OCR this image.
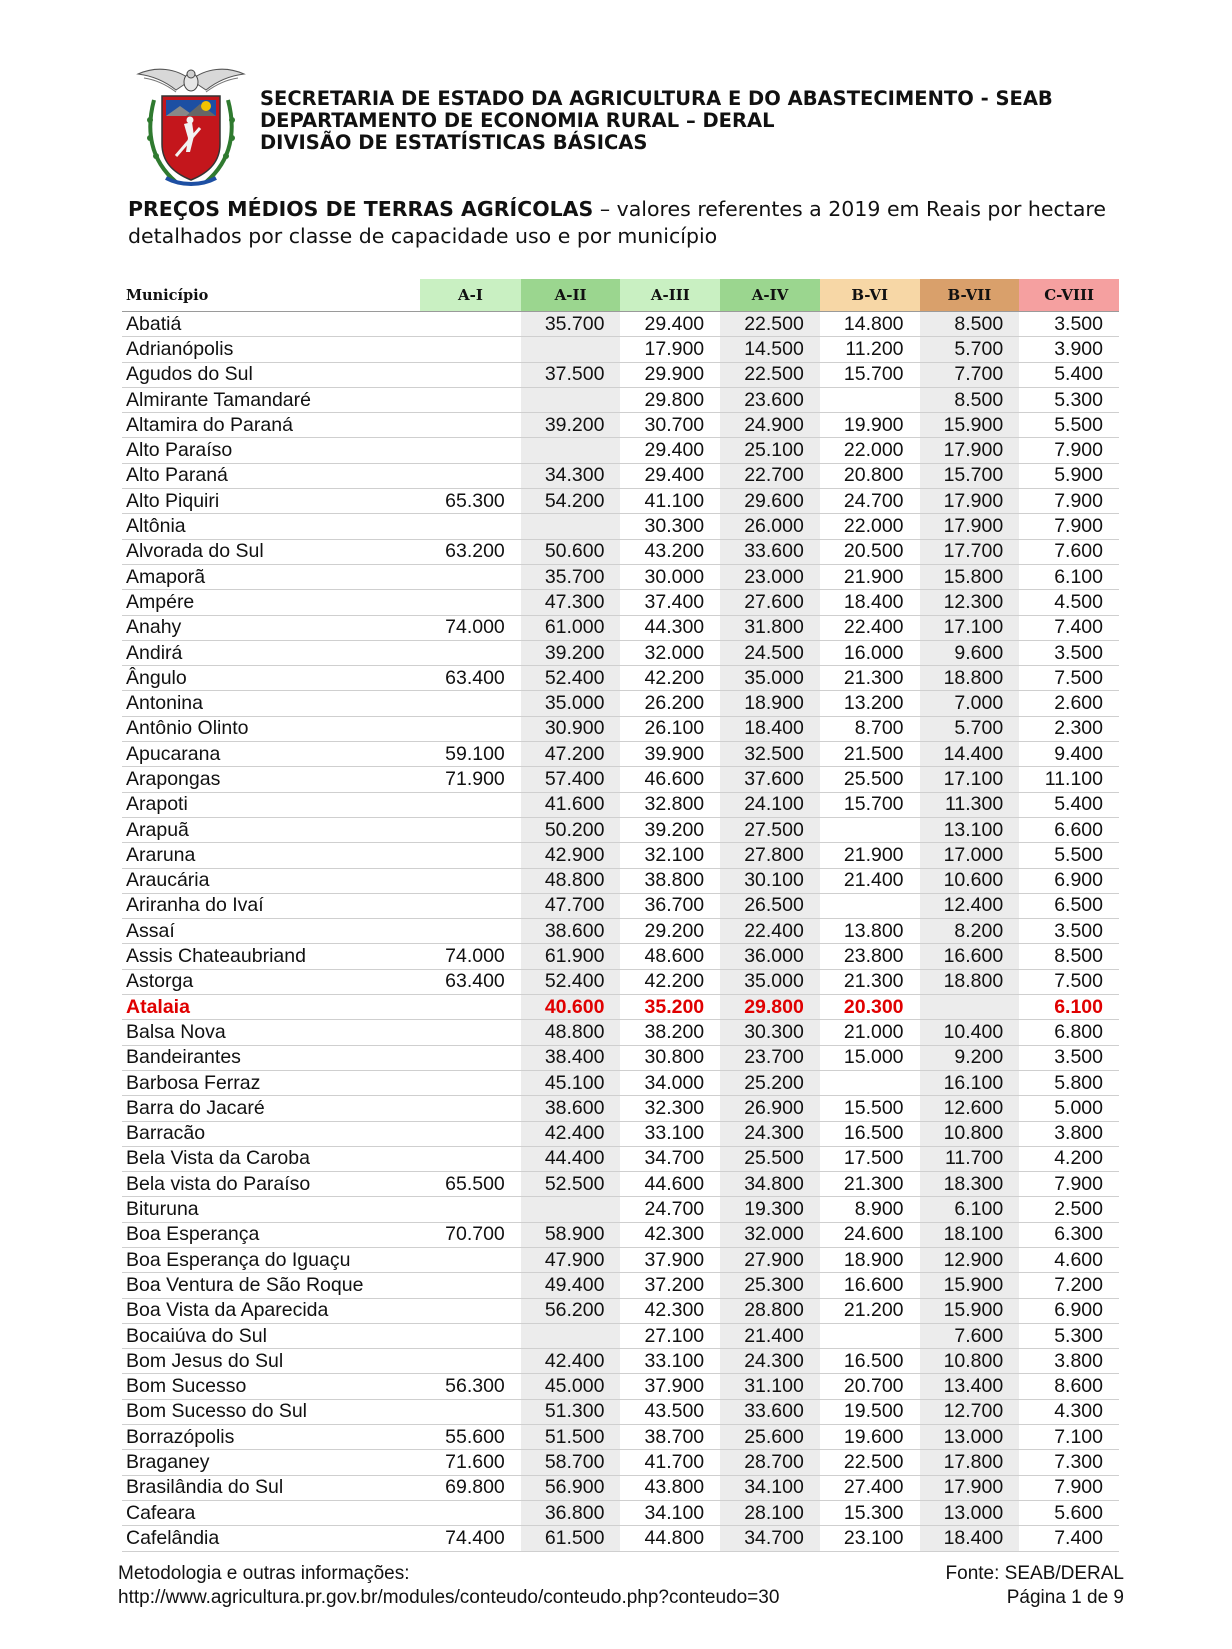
SECRETARIA DE ESTADO DA AGRICULTURA E DO ABASTECIMENTO - SEAB
DEPARTAMENTO DE ECONOMIA RURAL – DERAL
DIVISÃO DE ESTATÍSTICAS BÁSICAS
PREÇOS MÉDIOS DE TERRAS AGRÍCOLAS – valores referentes a 2019 em Reais por hectare
detalhados por classe de capacidade uso e por município
Município	A-I	A-II	A-III	A-IV	B-VI	B-VII	C-VIII
Abatiá		35.700	29.400	22.500	14.800	8.500	3.500
Adrianópolis			17.900	14.500	11.200	5.700	3.900
Agudos do Sul		37.500	29.900	22.500	15.700	7.700	5.400
Almirante Tamandaré			29.800	23.600		8.500	5.300
Altamira do Paraná		39.200	30.700	24.900	19.900	15.900	5.500
Alto Paraíso			29.400	25.100	22.000	17.900	7.900
Alto Paraná		34.300	29.400	22.700	20.800	15.700	5.900
Alto Piquiri	65.300	54.200	41.100	29.600	24.700	17.900	7.900
Altônia			30.300	26.000	22.000	17.900	7.900
Alvorada do Sul	63.200	50.600	43.200	33.600	20.500	17.700	7.600
Amaporã		35.700	30.000	23.000	21.900	15.800	6.100
Ampére		47.300	37.400	27.600	18.400	12.300	4.500
Anahy	74.000	61.000	44.300	31.800	22.400	17.100	7.400
Andirá		39.200	32.000	24.500	16.000	9.600	3.500
Ângulo	63.400	52.400	42.200	35.000	21.300	18.800	7.500
Antonina		35.000	26.200	18.900	13.200	7.000	2.600
Antônio Olinto		30.900	26.100	18.400	8.700	5.700	2.300
Apucarana	59.100	47.200	39.900	32.500	21.500	14.400	9.400
Arapongas	71.900	57.400	46.600	37.600	25.500	17.100	11.100
Arapoti		41.600	32.800	24.100	15.700	11.300	5.400
Arapuã		50.200	39.200	27.500		13.100	6.600
Araruna		42.900	32.100	27.800	21.900	17.000	5.500
Araucária		48.800	38.800	30.100	21.400	10.600	6.900
Ariranha do Ivaí		47.700	36.700	26.500		12.400	6.500
Assaí		38.600	29.200	22.400	13.800	8.200	3.500
Assis Chateaubriand	74.000	61.900	48.600	36.000	23.800	16.600	8.500
Astorga	63.400	52.400	42.200	35.000	21.300	18.800	7.500
Atalaia		40.600	35.200	29.800	20.300		6.100
Balsa Nova		48.800	38.200	30.300	21.000	10.400	6.800
Bandeirantes		38.400	30.800	23.700	15.000	9.200	3.500
Barbosa Ferraz		45.100	34.000	25.200		16.100	5.800
Barra do Jacaré		38.600	32.300	26.900	15.500	12.600	5.000
Barracão		42.400	33.100	24.300	16.500	10.800	3.800
Bela Vista da Caroba		44.400	34.700	25.500	17.500	11.700	4.200
Bela vista do Paraíso	65.500	52.500	44.600	34.800	21.300	18.300	7.900
Bituruna			24.700	19.300	8.900	6.100	2.500
Boa Esperança	70.700	58.900	42.300	32.000	24.600	18.100	6.300
Boa Esperança do Iguaçu		47.900	37.900	27.900	18.900	12.900	4.600
Boa Ventura de São Roque		49.400	37.200	25.300	16.600	15.900	7.200
Boa Vista da Aparecida		56.200	42.300	28.800	21.200	15.900	6.900
Bocaiúva do Sul			27.100	21.400		7.600	5.300
Bom Jesus do Sul		42.400	33.100	24.300	16.500	10.800	3.800
Bom Sucesso	56.300	45.000	37.900	31.100	20.700	13.400	8.600
Bom Sucesso do Sul		51.300	43.500	33.600	19.500	12.700	4.300
Borrazópolis	55.600	51.500	38.700	25.600	19.600	13.000	7.100
Braganey	71.600	58.700	41.700	28.700	22.500	17.800	7.300
Brasilândia do Sul	69.800	56.900	43.800	34.100	27.400	17.900	7.900
Cafeara		36.800	34.100	28.100	15.300	13.000	5.600
Cafelândia	74.400	61.500	44.800	34.700	23.100	18.400	7.400
Metodologia e outras informações:
http://www.agricultura.pr.gov.br/modules/conteudo/conteudo.php?conteudo=30
Fonte: SEAB/DERAL
Página 1 de 9
